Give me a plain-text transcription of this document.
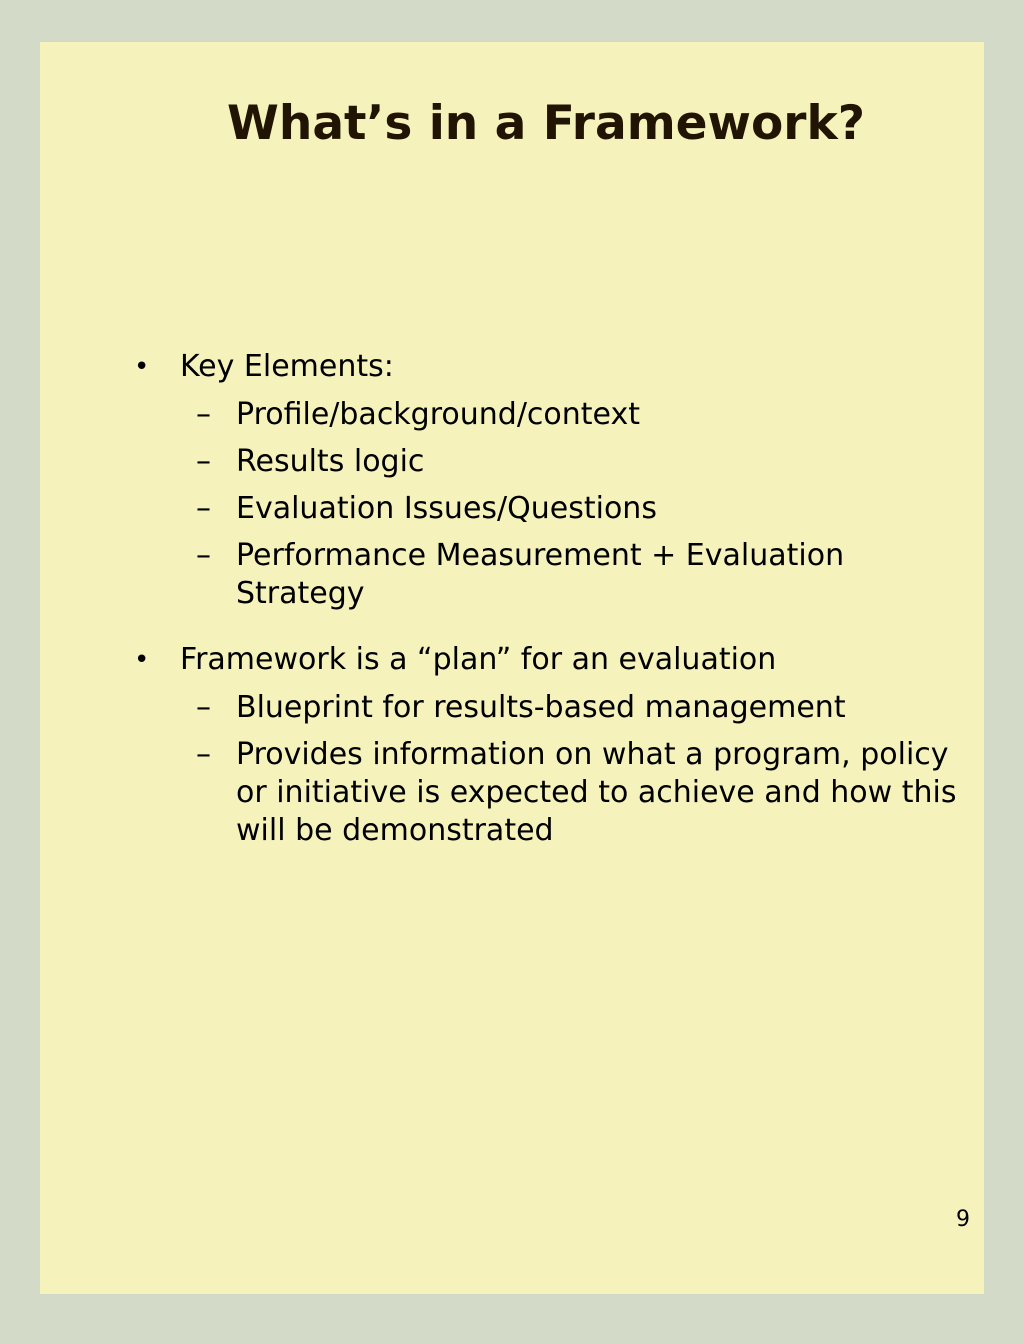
What’s in a Framework?
• Key Elements:
– Profile/background/context
– Results logic
– Evaluation Issues/Questions
– Performance Measurement + Evaluation Strategy
• Framework is a “plan” for an evaluation
– Blueprint for results-based management
– Provides information on what a program, policy or initiative is expected to achieve and how this will be demonstrated
9
